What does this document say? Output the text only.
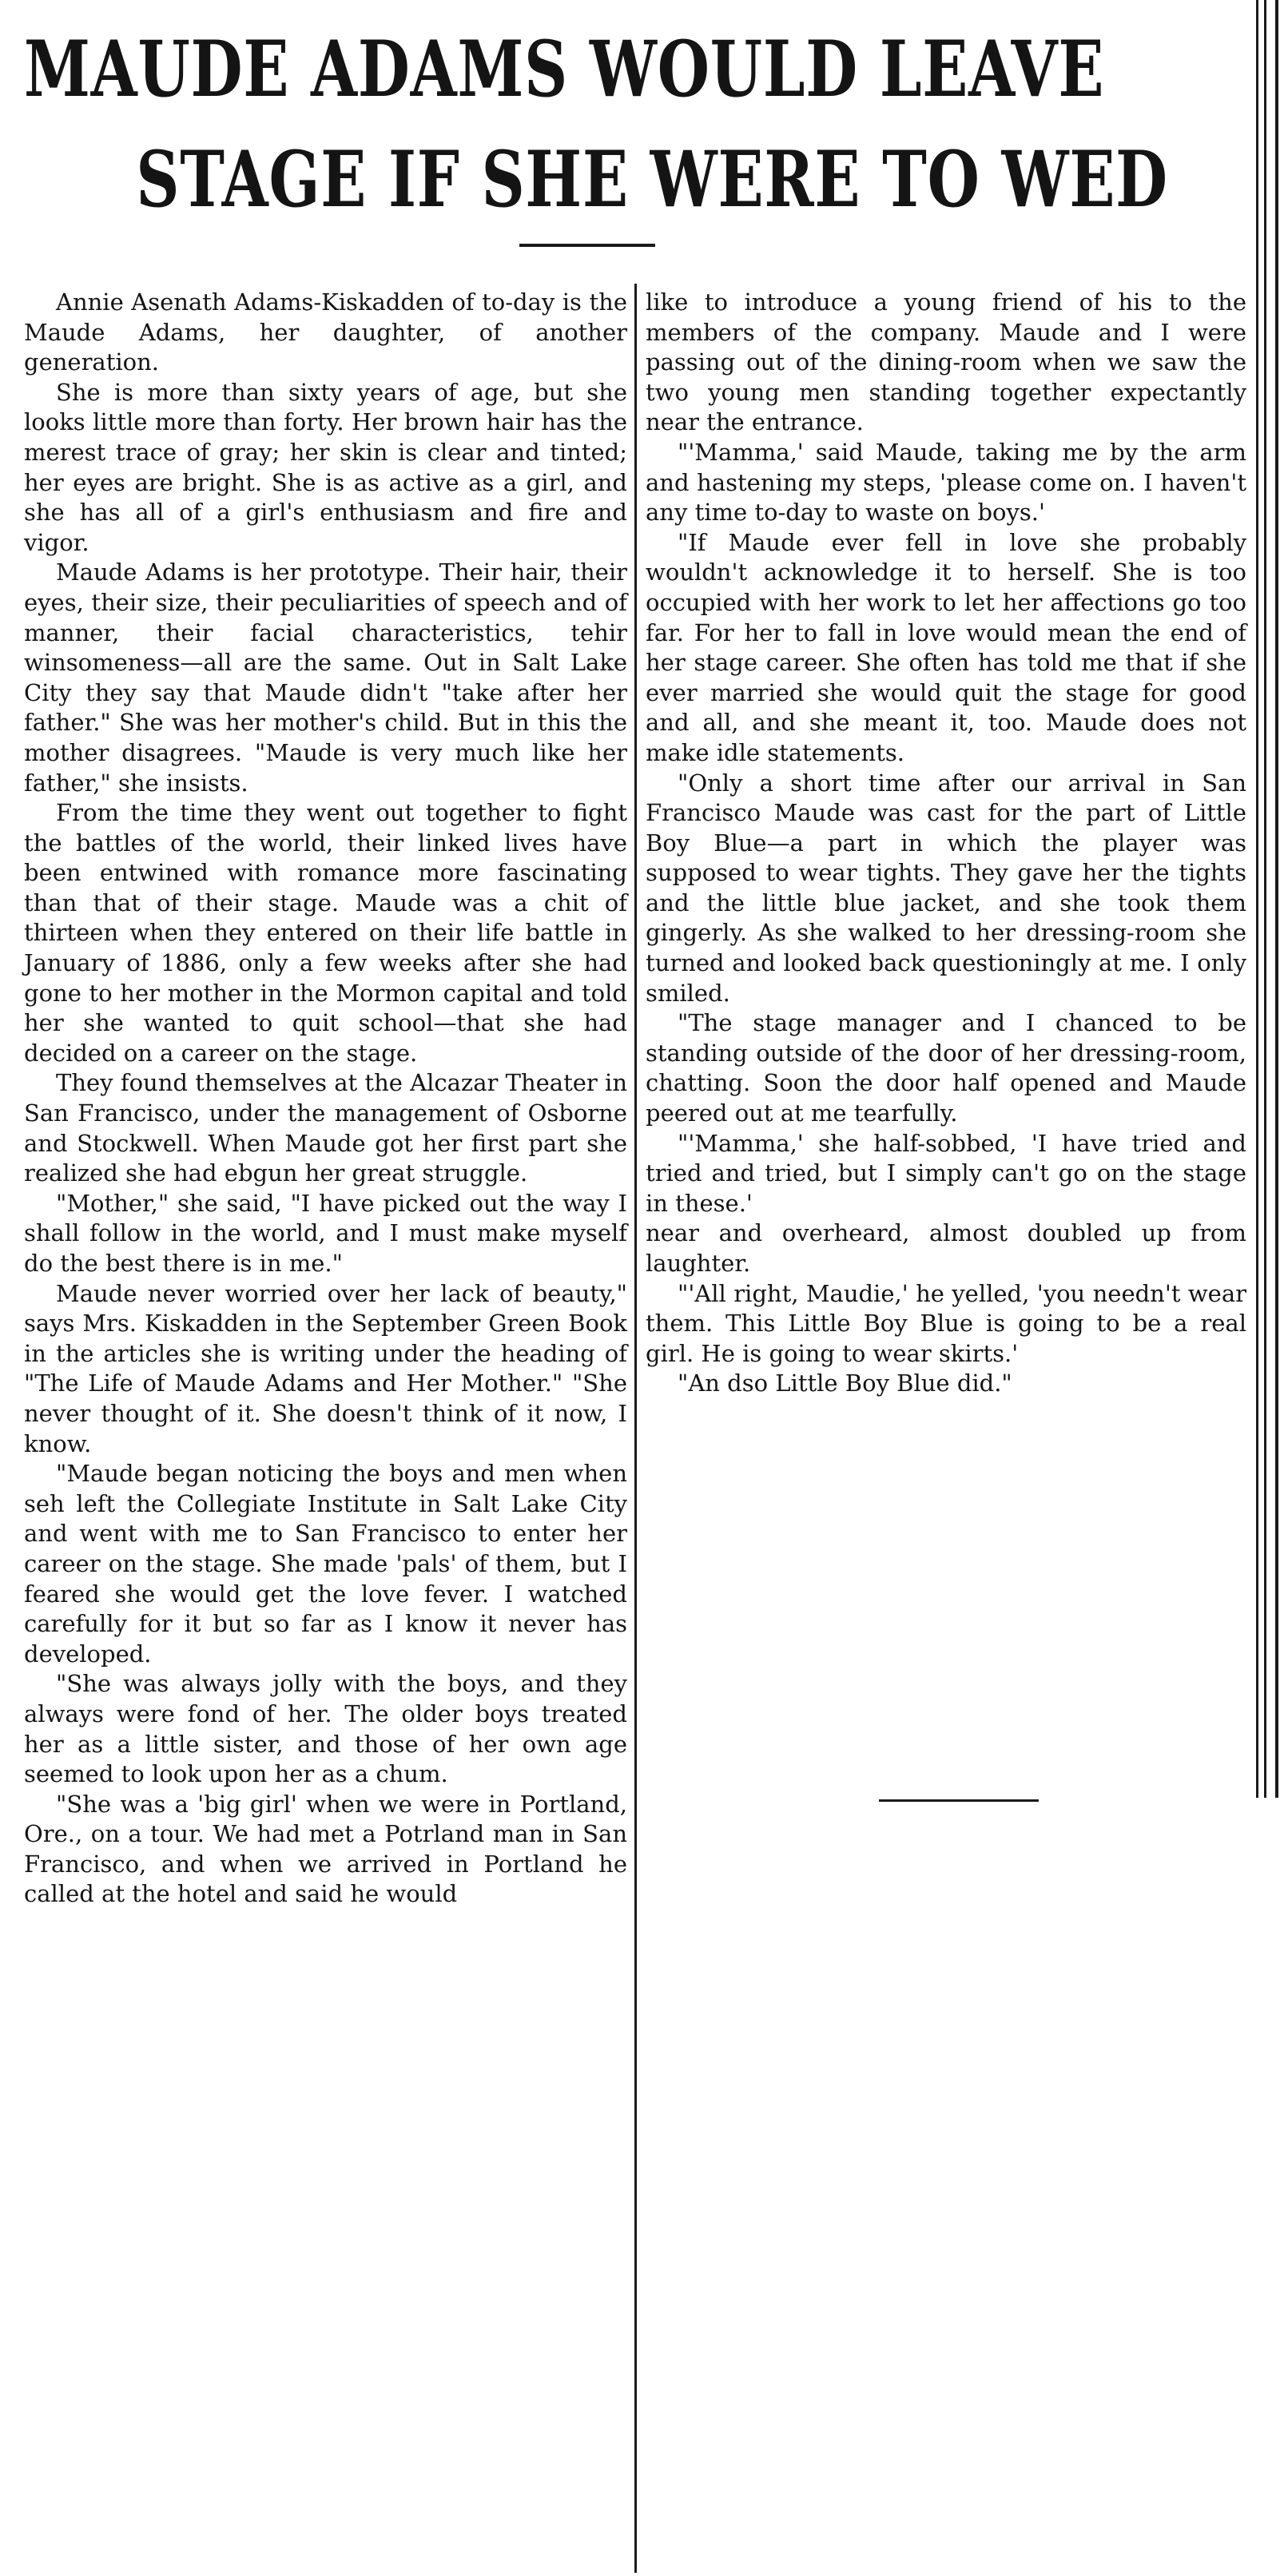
MAUDE ADAMS WOULD LEAVE
STAGE IF SHE WERE TO WED

Annie Asenath Adams-Kiskadden of to-day is the Maude Adams, her daughter, of another generation.

She is more than sixty years of age, but she looks little more than forty. Her brown hair has the merest trace of gray; her skin is clear and tinted; her eyes are bright. She is as active as a girl, and she has all of a girl's enthusiasm and fire and vigor.

Maude Adams is her prototype. Their hair, their eyes, their size, their peculiarities of speech and of manner, their facial characteristics, tehir winsomeness—all are the same. Out in Salt Lake City they say that Maude didn't "take after her father." She was her mother's child. But in this the mother disagrees. "Maude is very much like her father," she insists.

From the time they went out together to fight the battles of the world, their linked lives have been entwined with romance more fascinating than that of their stage. Maude was a chit of thirteen when they entered on their life battle in January of 1886, only a few weeks after she had gone to her mother in the Mormon capital and told her she wanted to quit school—that she had decided on a career on the stage.

They found themselves at the Alcazar Theater in San Francisco, under the management of Osborne and Stockwell. When Maude got her first part she realized she had ebgun her great struggle.

"Mother," she said, "I have picked out the way I shall follow in the world, and I must make myself do the best there is in me."

Maude never worried over her lack of beauty," says Mrs. Kiskadden in the September Green Book in the articles she is writing under the heading of "The Life of Maude Adams and Her Mother." "She never thought of it. She doesn't think of it now, I know.

"Maude began noticing the boys and men when seh left the Collegiate Institute in Salt Lake City and went with me to San Francisco to enter her career on the stage. She made 'pals' of them, but I feared she would get the love fever. I watched carefully for it but so far as I know it never has developed.

"She was always jolly with the boys, and they always were fond of her. The older boys treated her as a little sister, and those of her own age seemed to look upon her as a chum.

"She was a 'big girl' when we were in Portland, Ore., on a tour. We had met a Potrland man in San Francisco, and when we arrived in Portland he called at the hotel and said he would

like to introduce a young friend of his to the members of the company. Maude and I were passing out of the dining-room when we saw the two young men standing together expectantly near the entrance.

"'Mamma,' said Maude, taking me by the arm and hastening my steps, 'please come on. I haven't any time to-day to waste on boys.'

"If Maude ever fell in love she probably wouldn't acknowledge it to herself. She is too occupied with her work to let her affections go too far. For her to fall in love would mean the end of her stage career. She often has told me that if she ever married she would quit the stage for good and all, and she meant it, too. Maude does not make idle statements.

"Only a short time after our arrival in San Francisco Maude was cast for the part of Little Boy Blue—a part in which the player was supposed to wear tights. They gave her the tights and the little blue jacket, and she took them gingerly. As she walked to her dressing-room she turned and looked back questioningly at me. I only smiled.

"The stage manager and I chanced to be standing outside of the door of her dressing-room, chatting. Soon the door half opened and Maude peered out at me tearfully.

"'Mamma,' she half-sobbed, 'I have tried and tried and tried, but I simply can't go on the stage in these.'

near and overheard, almost doubled up from laughter.

"'All right, Maudie,' he yelled, 'you needn't wear them. This Little Boy Blue is going to be a real girl. He is going to wear skirts.'

"An dso Little Boy Blue did."
